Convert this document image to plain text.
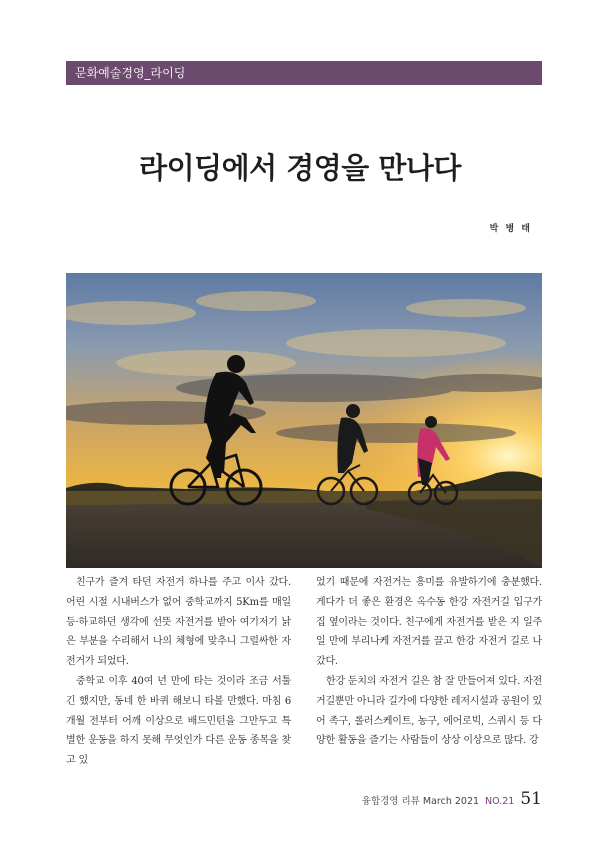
문화예술경영_라이딩
라이딩에서 경영을 만나다
박 병 태

친구가 즐겨 타던 자전거 하나를 주고 이사 갔다. 어린 시절 시내버스가 없어 중학교까지 5Km를 매일 등·하교하던 생각에 선뜻 자전거를 받아 여기저기 낡은 부분을 수리해서 나의 체형에 맞추니 그럴싸한 자전거가 되었다.

중학교 이후 40여 년 만에 타는 것이라 조금 서툴긴 했지만, 동네 한 바퀴 해보니 타볼 만했다. 마침 6개월 전부터 어깨 이상으로 배드민턴을 그만두고 특별한 운동을 하지 못해 무엇인가 다른 운동 종목을 찾고 있

었기 때문에 자전거는 흥미를 유발하기에 충분했다. 게다가 더 좋은 환경은 옥수동 한강 자전거길 입구가 집 옆이라는 것이다. 친구에게 자전거를 받은 지 일주일 만에 부리나케 자전거를 끌고 한강 자전거 길로 나갔다.

한강 둔치의 자전거 길은 참 잘 만들어져 있다. 자전거길뿐만 아니라 길가에 다양한 레저시설과 공원이 있어 족구, 롤러스케이트, 농구, 에어로빅, 스쿼시 등 다양한 활동을 즐기는 사람들이 상상 이상으로 많다. 강

융합경영 리뷰 March 2021 NO.21 51
